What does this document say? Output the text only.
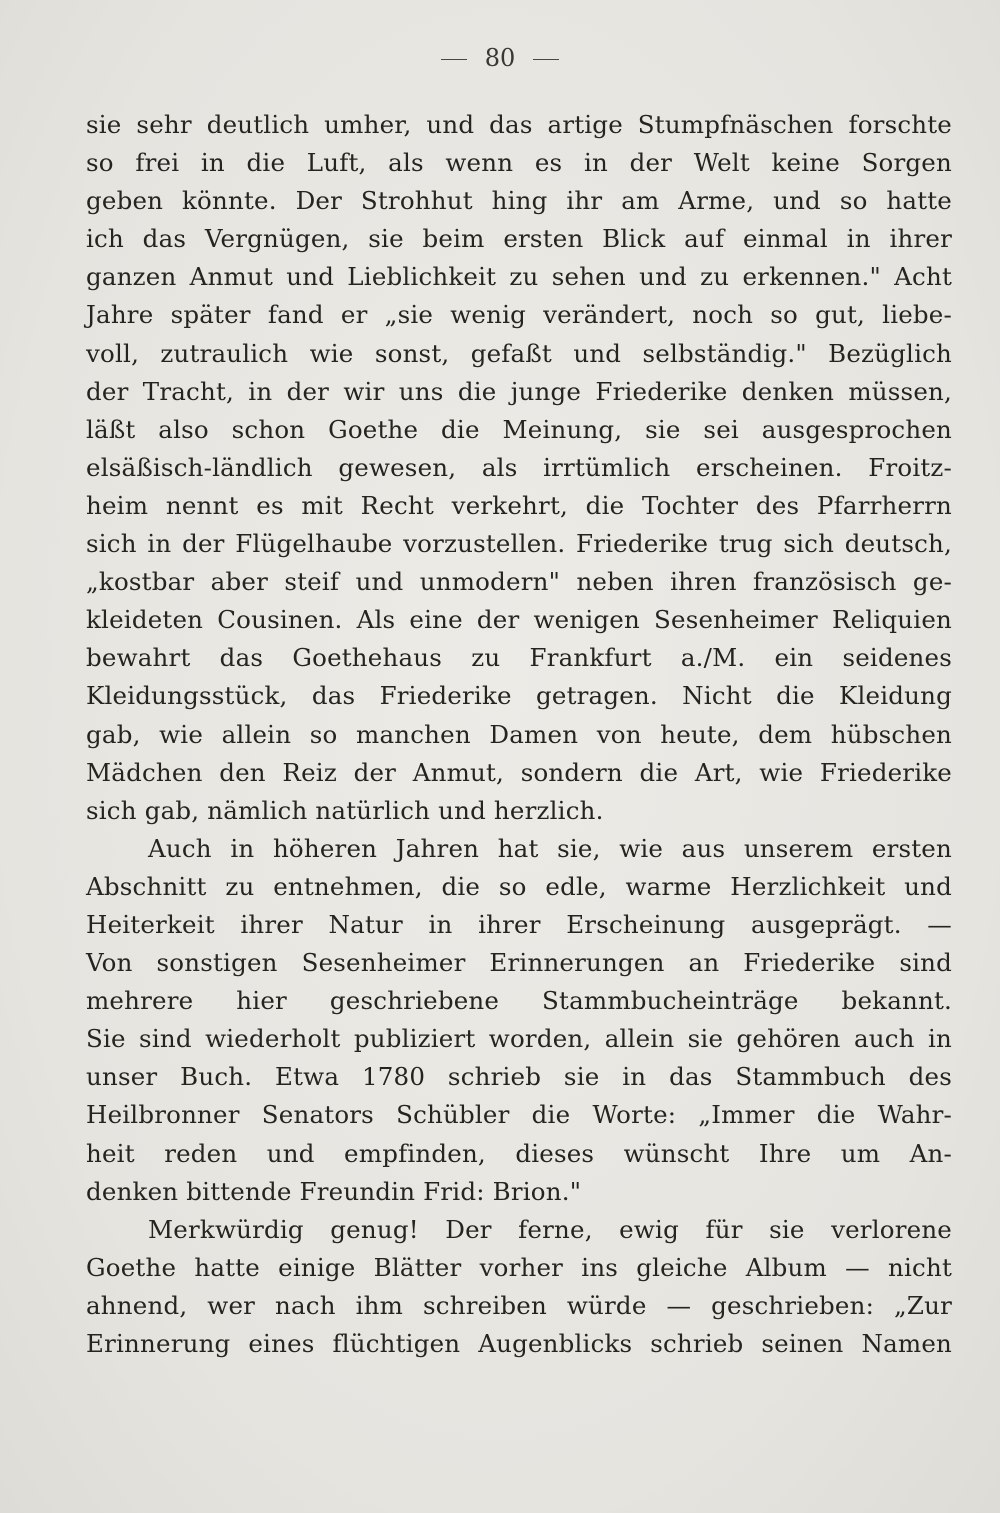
80
sie sehr deutlich umher, und das artige Stumpfnäschen forschte
so frei in die Luft, als wenn es in der Welt keine Sorgen
geben könnte. Der Strohhut hing ihr am Arme, und so hatte
ich das Vergnügen, sie beim ersten Blick auf einmal in ihrer
ganzen Anmut und Lieblichkeit zu sehen und zu erkennen." Acht
Jahre später fand er „sie wenig verändert, noch so gut, liebe-
voll, zutraulich wie sonst, gefaßt und selbständig." Bezüglich
der Tracht, in der wir uns die junge Friederike denken müssen,
läßt also schon Goethe die Meinung, sie sei ausgesprochen
elsäßisch-ländlich gewesen, als irrtümlich erscheinen. Froitz-
heim nennt es mit Recht verkehrt, die Tochter des Pfarrherrn
sich in der Flügelhaube vorzustellen. Friederike trug sich deutsch,
„kostbar aber steif und unmodern" neben ihren französisch ge-
kleideten Cousinen. Als eine der wenigen Sesenheimer Reliquien
bewahrt das Goethehaus zu Frankfurt a./M. ein seidenes
Kleidungsstück, das Friederike getragen. Nicht die Kleidung
gab, wie allein so manchen Damen von heute, dem hübschen
Mädchen den Reiz der Anmut, sondern die Art, wie Friederike
sich gab, nämlich natürlich und herzlich.
Auch in höheren Jahren hat sie, wie aus unserem ersten
Abschnitt zu entnehmen, die so edle, warme Herzlichkeit und
Heiterkeit ihrer Natur in ihrer Erscheinung ausgeprägt. —
Von sonstigen Sesenheimer Erinnerungen an Friederike sind
mehrere hier geschriebene Stammbucheinträge bekannt.
Sie sind wiederholt publiziert worden, allein sie gehören auch in
unser Buch. Etwa 1780 schrieb sie in das Stammbuch des
Heilbronner Senators Schübler die Worte: „Immer die Wahr-
heit reden und empfinden, dieses wünscht Ihre um An-
denken bittende Freundin Frid: Brion."
Merkwürdig genug! Der ferne, ewig für sie verlorene
Goethe hatte einige Blätter vorher ins gleiche Album — nicht
ahnend, wer nach ihm schreiben würde — geschrieben: „Zur
Erinnerung eines flüchtigen Augenblicks schrieb seinen Namen
